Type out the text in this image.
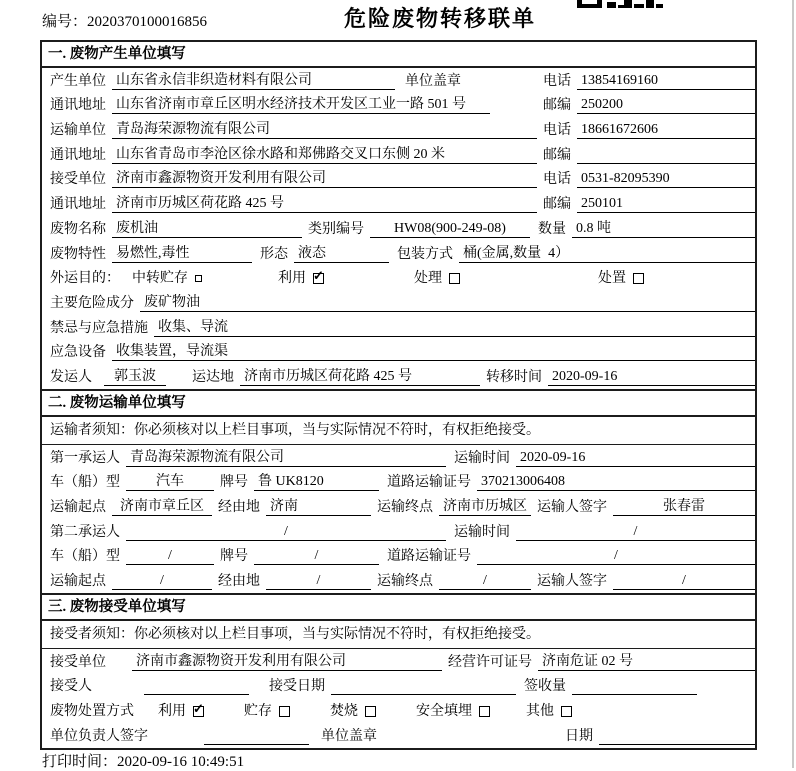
编号：2020370100016856	危险废物转移联单
一. 废物产生单位填写
产生单位 山东省永信非织造材料有限公司	单位盖章	电话 13854169160
通讯地址 山东省济南市章丘区明水经济技术开发区工业一路 501 号	邮编 250200
运输单位 青岛海荣源物流有限公司	电话 18661672606
通讯地址 山东省青岛市李沧区徐水路和郑佛路交叉口东侧 20 米	邮编
接受单位 济南市鑫源物资开发利用有限公司	电话 0531-82095390
通讯地址 济南市历城区荷花路 425 号	邮编 250101
废物名称 废机油	类别编号	HW08(900-249-08)	数量 0.8 吨
废物特性 易燃性,毒性	形态 液态	包装方式 桶(金属,数量  4）
外运目的： 中转贮存	利用 ✓	处理	处置
主要危险成分 废矿物油
禁忌与应急措施 收集、导流
应急设备 收集装置，导流渠
发运人	郭玉波	运达地 济南市历城区荷花路 425 号	转移时间 2020-09-16
二. 废物运输单位填写
运输者须知：你必须核对以上栏目事项，当与实际情况不符时，有权拒绝接受。
第一承运人 青岛海荣源物流有限公司	运输时间 2020-09-16
车（船）型	汽车	牌号 鲁 UK8120	道路运输证号 370213006408
运输起点	济南市章丘区	经由地 济南	运输终点 济南市历城区 运输人签字	张春雷
第二承运人	/	运输时间	/
车（船）型	/	牌号	/	道路运输证号	/
运输起点	/	经由地	/	运输终点	/	运输人签字	/
三. 废物接受单位填写
接受者须知：你必须核对以上栏目事项，当与实际情况不符时，有权拒绝接受。
接受单位 济南市鑫源物资开发利用有限公司	经营许可证号 济南危证 02 号
接受人	接受日期	签收量
废物处置方式 利用 ✓	贮存	焚烧	安全填埋	其他
单位负责人签字	单位盖章	日期
打印时间：2020-09-16 10:49:51
